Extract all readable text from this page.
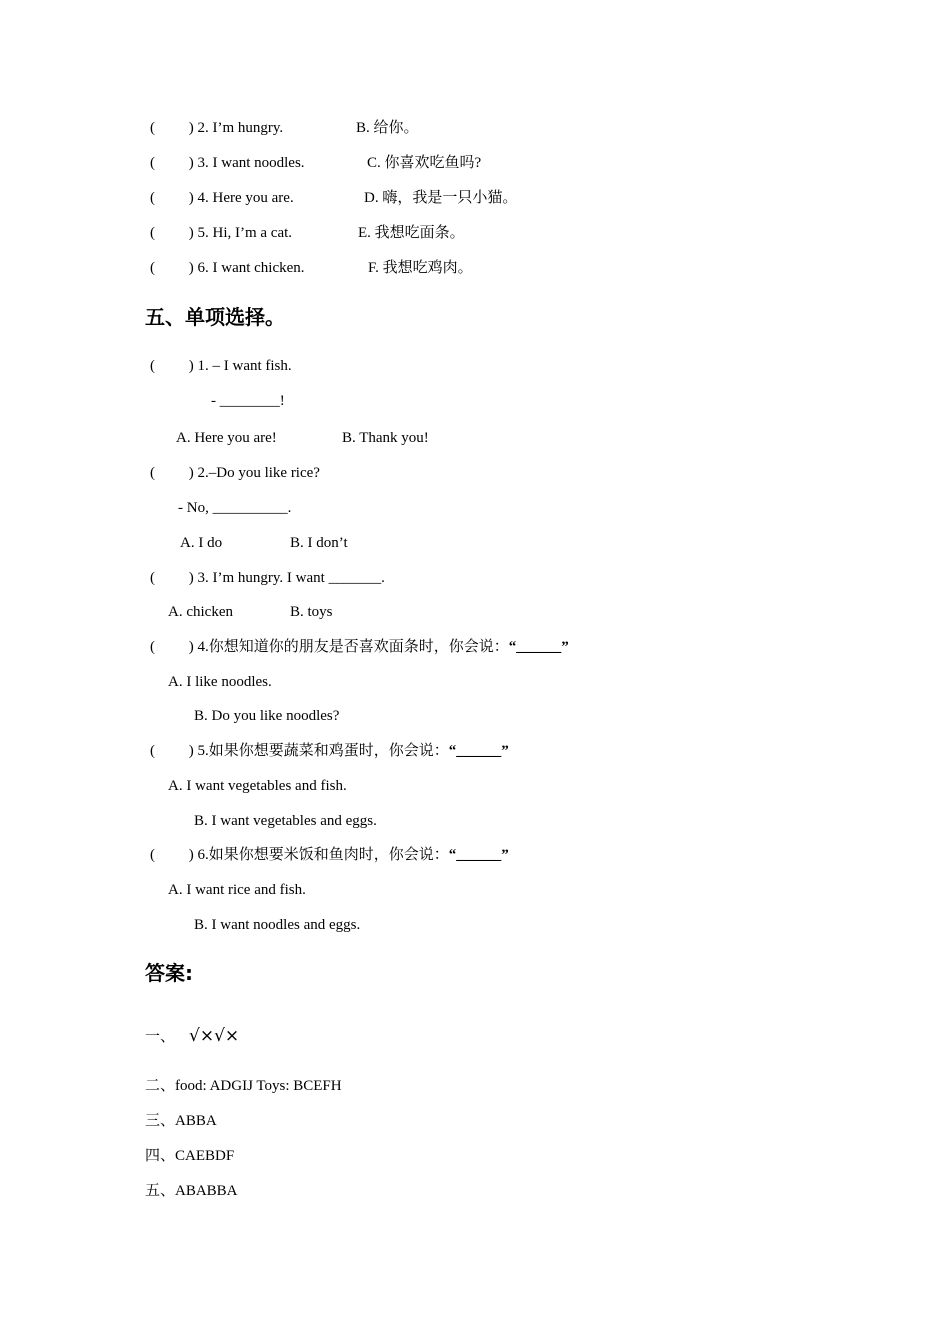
(　 　) 2. I’m hungry.	B. 给你。
(　 　) 3. I want noodles.	C. 你喜欢吃鱼吗?
(　 　) 4. Here you are.	D. 嗨，我是一只小猫。
(　 　) 5. Hi, I’m a cat.	E. 我想吃面条。
(　 　) 6. I want chicken.	F. 我想吃鸡肉。
五、单项选择。
(　 　) 1. – I want fish.
- ________!
A. Here you are!	B. Thank you!
(　 　) 2.–Do you like rice?
- No, __________.
A. I do	B. I don’t
(　 　) 3. I’m hungry. I want _______.
A. chicken	B. toys
(　 　) 4.你想知道你的朋友是否喜欢面条时，你会说：“______”
A. I like noodles.
B. Do you like noodles?
(　 　) 5.如果你想要蔬菜和鸡蛋时，你会说：“______”
A. I want vegetables and fish.
B. I want vegetables and eggs.
(　 　) 6.如果你想要米饭和鱼肉时，你会说：“______”
A. I want rice and fish.
B. I want noodles and eggs.
答案:
一、 √×√×
二、food: ADGIJ Toys: BCEFH
三、ABBA
四、CAEBDF
五、ABABBA
